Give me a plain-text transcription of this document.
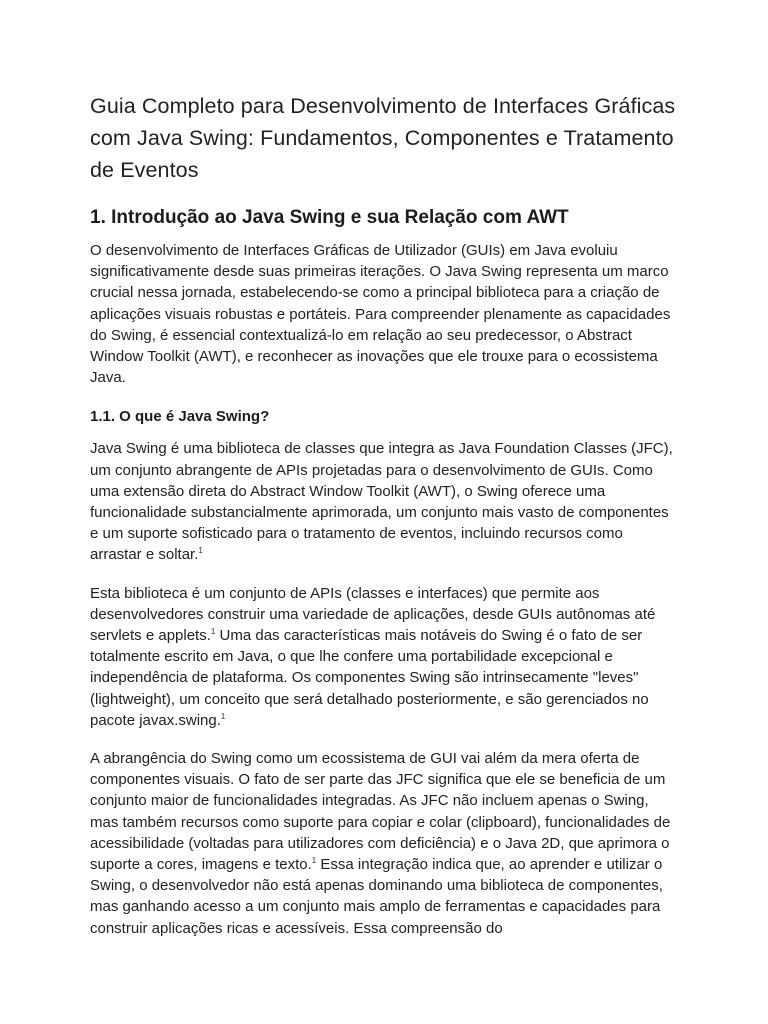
Guia Completo para Desenvolvimento de Interfaces Gráficas com Java Swing: Fundamentos, Componentes e Tratamento de Eventos
1. Introdução ao Java Swing e sua Relação com AWT

O desenvolvimento de Interfaces Gráficas de Utilizador (GUIs) em Java evoluiu significativamente desde suas primeiras iterações. O Java Swing representa um marco crucial nessa jornada, estabelecendo-se como a principal biblioteca para a criação de aplicações visuais robustas e portáteis. Para compreender plenamente as capacidades do Swing, é essencial contextualizá-lo em relação ao seu predecessor, o Abstract Window Toolkit (AWT), e reconhecer as inovações que ele trouxe para o ecossistema Java.

1.1. O que é Java Swing?

Java Swing é uma biblioteca de classes que integra as Java Foundation Classes (JFC), um conjunto abrangente de APIs projetadas para o desenvolvimento de GUIs. Como uma extensão direta do Abstract Window Toolkit (AWT), o Swing oferece uma funcionalidade substancialmente aprimorada, um conjunto mais vasto de componentes e um suporte sofisticado para o tratamento de eventos, incluindo recursos como arrastar e soltar.$^1$

Esta biblioteca é um conjunto de APIs (classes e interfaces) que permite aos desenvolvedores construir uma variedade de aplicações, desde GUIs autônomas até servlets e applets.$^1$ Uma das características mais notáveis do Swing é o fato de ser totalmente escrito em Java, o que lhe confere uma portabilidade excepcional e independência de plataforma. Os componentes Swing são intrinsecamente "leves" (lightweight), um conceito que será detalhado posteriormente, e são gerenciados no pacote javax.swing.$^1$

A abrangência do Swing como um ecossistema de GUI vai além da mera oferta de componentes visuais. O fato de ser parte das JFC significa que ele se beneficia de um conjunto maior de funcionalidades integradas. As JFC não incluem apenas o Swing, mas também recursos como suporte para copiar e colar (clipboard), funcionalidades de acessibilidade (voltadas para utilizadores com deficiência) e o Java 2D, que aprimora o suporte a cores, imagens e texto.$^1$ Essa integração indica que, ao aprender e utilizar o Swing, o desenvolvedor não está apenas dominando uma biblioteca de componentes, mas ganhando acesso a um conjunto mais amplo de ferramentas e capacidades para construir aplicações ricas e acessíveis. Essa compreensão do
